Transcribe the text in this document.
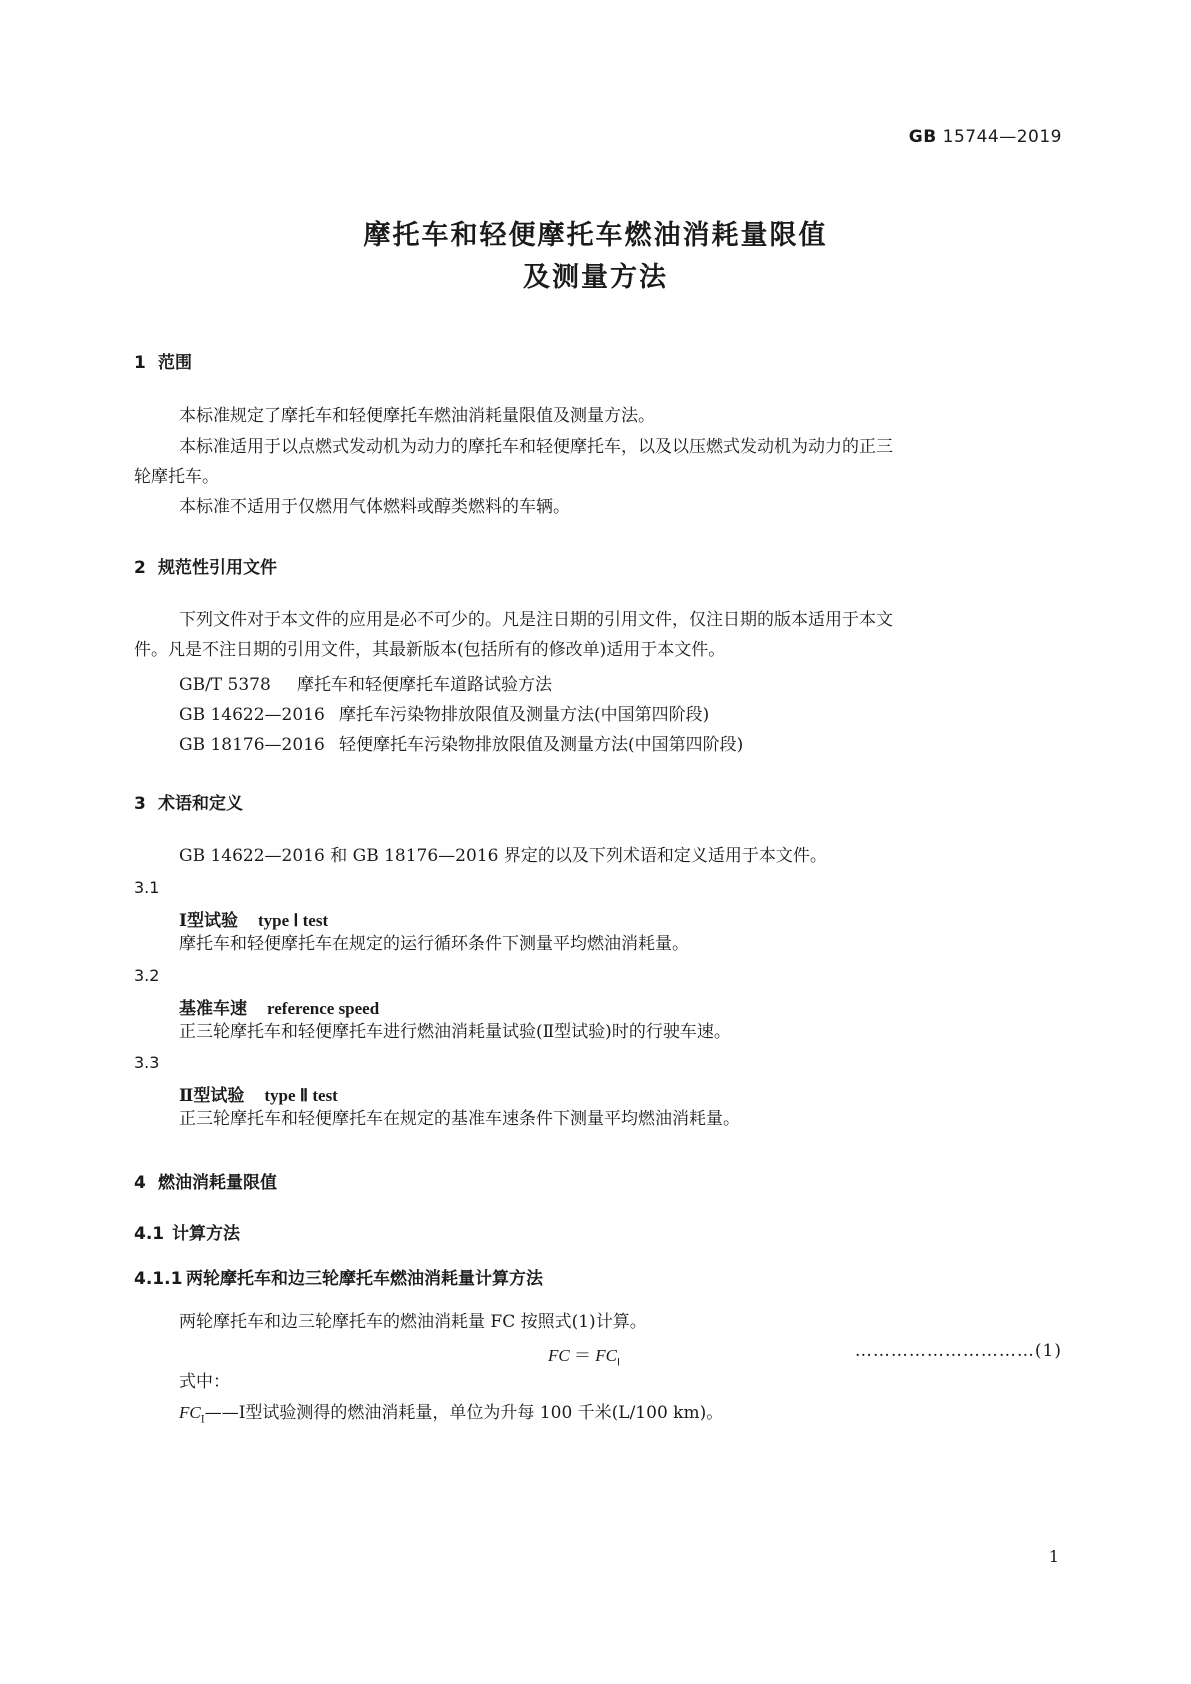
GB 15744—2019
摩托车和轻便摩托车燃油消耗量限值
及测量方法
1 范围
本标准规定了摩托车和轻便摩托车燃油消耗量限值及测量方法。
本标准适用于以点燃式发动机为动力的摩托车和轻便摩托车，以及以压燃式发动机为动力的正三
轮摩托车。
本标准不适用于仅燃用气体燃料或醇类燃料的车辆。
2 规范性引用文件
下列文件对于本文件的应用是必不可少的。凡是注日期的引用文件，仅注日期的版本适用于本文
件。凡是不注日期的引用文件，其最新版本(包括所有的修改单)适用于本文件。
GB/T 5378 摩托车和轻便摩托车道路试验方法
GB 14622—2016 摩托车污染物排放限值及测量方法(中国第四阶段)
GB 18176—2016 轻便摩托车污染物排放限值及测量方法(中国第四阶段)
3 术语和定义
GB 14622—2016 和 GB 18176—2016 界定的以及下列术语和定义适用于本文件。
3.1
Ⅰ型试验 type Ⅰ test
摩托车和轻便摩托车在规定的运行循环条件下测量平均燃油消耗量。
3.2
基准车速 reference speed
正三轮摩托车和轻便摩托车进行燃油消耗量试验(Ⅱ型试验)时的行驶车速。
3.3
Ⅱ型试验 type Ⅱ test
正三轮摩托车和轻便摩托车在规定的基准车速条件下测量平均燃油消耗量。
4 燃油消耗量限值
4.1 计算方法
4.1.1 两轮摩托车和边三轮摩托车燃油消耗量计算方法
两轮摩托车和边三轮摩托车的燃油消耗量 FC 按照式(1)计算。
FC ＝ $FC_Ⅰ$
…………………………(1)
式中：
$FC_Ⅰ——Ⅰ$型试验测得的燃油消耗量，单位为升每 100 千米(L/100 km)。
1
